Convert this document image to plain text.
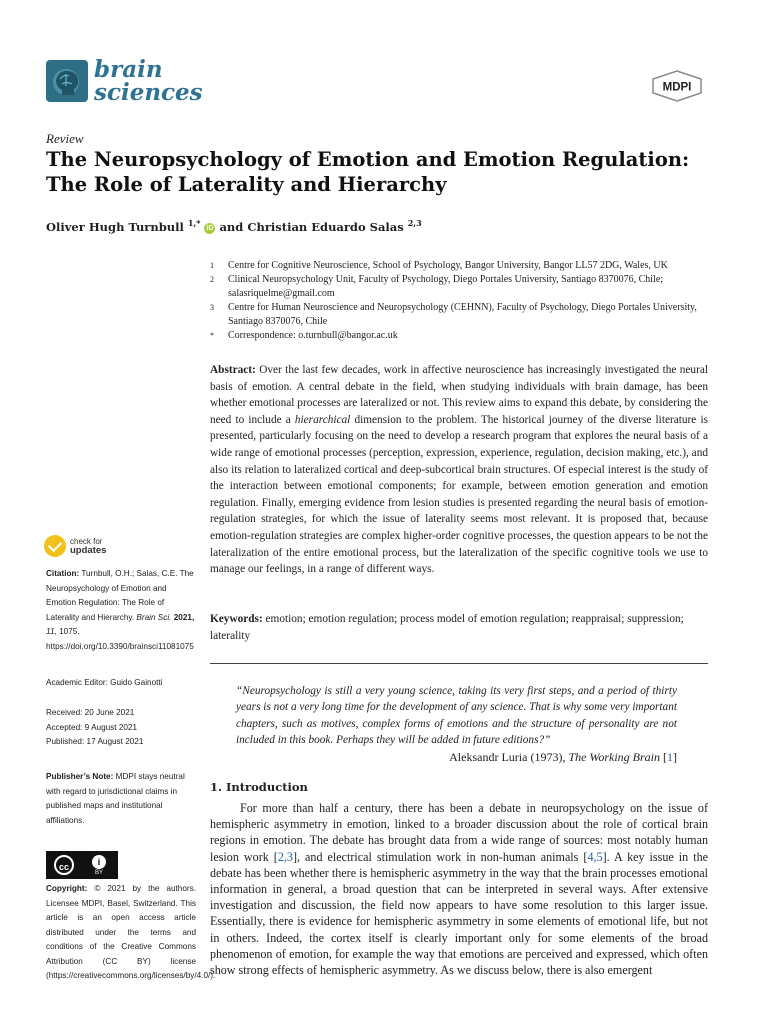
brain
sciences	MDPI
Review
The Neuropsychology of Emotion and Emotion Regulation: The Role of Laterality and Hierarchy
Oliver Hugh Turnbull $^{1,*}$ iD and Christian Eduardo Salas $^{2,3}$
1	Centre for Cognitive Neuroscience, School of Psychology, Bangor University, Bangor LL57 2DG, Wales, UK
2	Clinical Neuropsychology Unit, Faculty of Psychology, Diego Portales University, Santiago 8370076, Chile; salasriquelme@gmail.com
3	Centre for Human Neuroscience and Neuropsychology (CEHNN), Faculty of Psychology, Diego Portales University, Santiago 8370076, Chile
*	Correspondence: o.turnbull@bangor.ac.uk
Abstract: Over the last few decades, work in affective neuroscience has increasingly investigated the neural basis of emotion. A central debate in the field, when studying individuals with brain damage, has been whether emotional processes are lateralized or not. This review aims to expand this debate, by considering the need to include a hierarchical dimension to the problem. The historical journey of the diverse literature is presented, particularly focusing on the need to develop a research program that explores the neural basis of a wide range of emotional processes (perception, expression, experience, regulation, decision making, etc.), and also its relation to lateralized cortical and deep-subcortical brain structures. Of especial interest is the study of the interaction between emotional components; for example, between emotion generation and emotion regulation. Finally, emerging evidence from lesion studies is presented regarding the neural basis of emotion-regulation strategies, for which the issue of laterality seems most relevant. It is proposed that, because emotion-regulation strategies are complex higher-order cognitive processes, the question appears to be not the lateralization of the entire emotional process, but the lateralization of the specific cognitive tools we use to manage our feelings, in a range of different ways.
Keywords: emotion; emotion regulation; process model of emotion regulation; reappraisal; suppression; laterality
“Neuropsychology is still a very young science, taking its very first steps, and a period of thirty years is not a very long time for the development of any science. That is why some very important chapters, such as motives, complex forms of emotions and the structure of personality are not included in this book. Perhaps they will be added in future editions?”
Aleksandr Luria (1973), The Working Brain [1]
1. Introduction

For more than half a century, there has been a debate in neuropsychology on the issue of hemispheric asymmetry in emotion, linked to a broader discussion about the role of cortical brain regions in emotion. The debate has brought data from a wide range of sources: most notably human lesion work [2,3], and electrical stimulation work in non-human animals [4,5]. A key issue in the debate has been whether there is hemispheric asymmetry in the way that the brain processes emotional information in general, a broad question that can be interpreted in several ways. After extensive investigation and discussion, the field now appears to have some resolution to this larger issue. Essentially, there is evidence for hemispheric asymmetry in some elements of emotional life, but not in others. Indeed, the cortex itself is clearly important only for some elements of the broad phenomenon of emotion, for example the way that emotions are perceived and expressed, which often show strong effects of hemispheric asymmetry. As we discuss below, there is also emergent

check for
updates
Citation: Turnbull, O.H.; Salas, C.E. The Neuropsychology of Emotion and Emotion Regulation: The Role of Laterality and Hierarchy. Brain Sci. 2021, 11, 1075. https://doi.org/10.3390/brainsci11081075
Academic Editor: Guido Gainotti
Received: 20 June 2021
Accepted: 9 August 2021
Published: 17 August 2021
Publisher’s Note: MDPI stays neutral with regard to jurisdictional claims in published maps and institutional affiliations.
cc
i
BY
Copyright: © 2021 by the authors. Licensee MDPI, Basel, Switzerland. This article is an open access article distributed under the terms and conditions of the Creative Commons Attribution (CC BY) license (https://creativecommons.org/licenses/by/4.0/).
